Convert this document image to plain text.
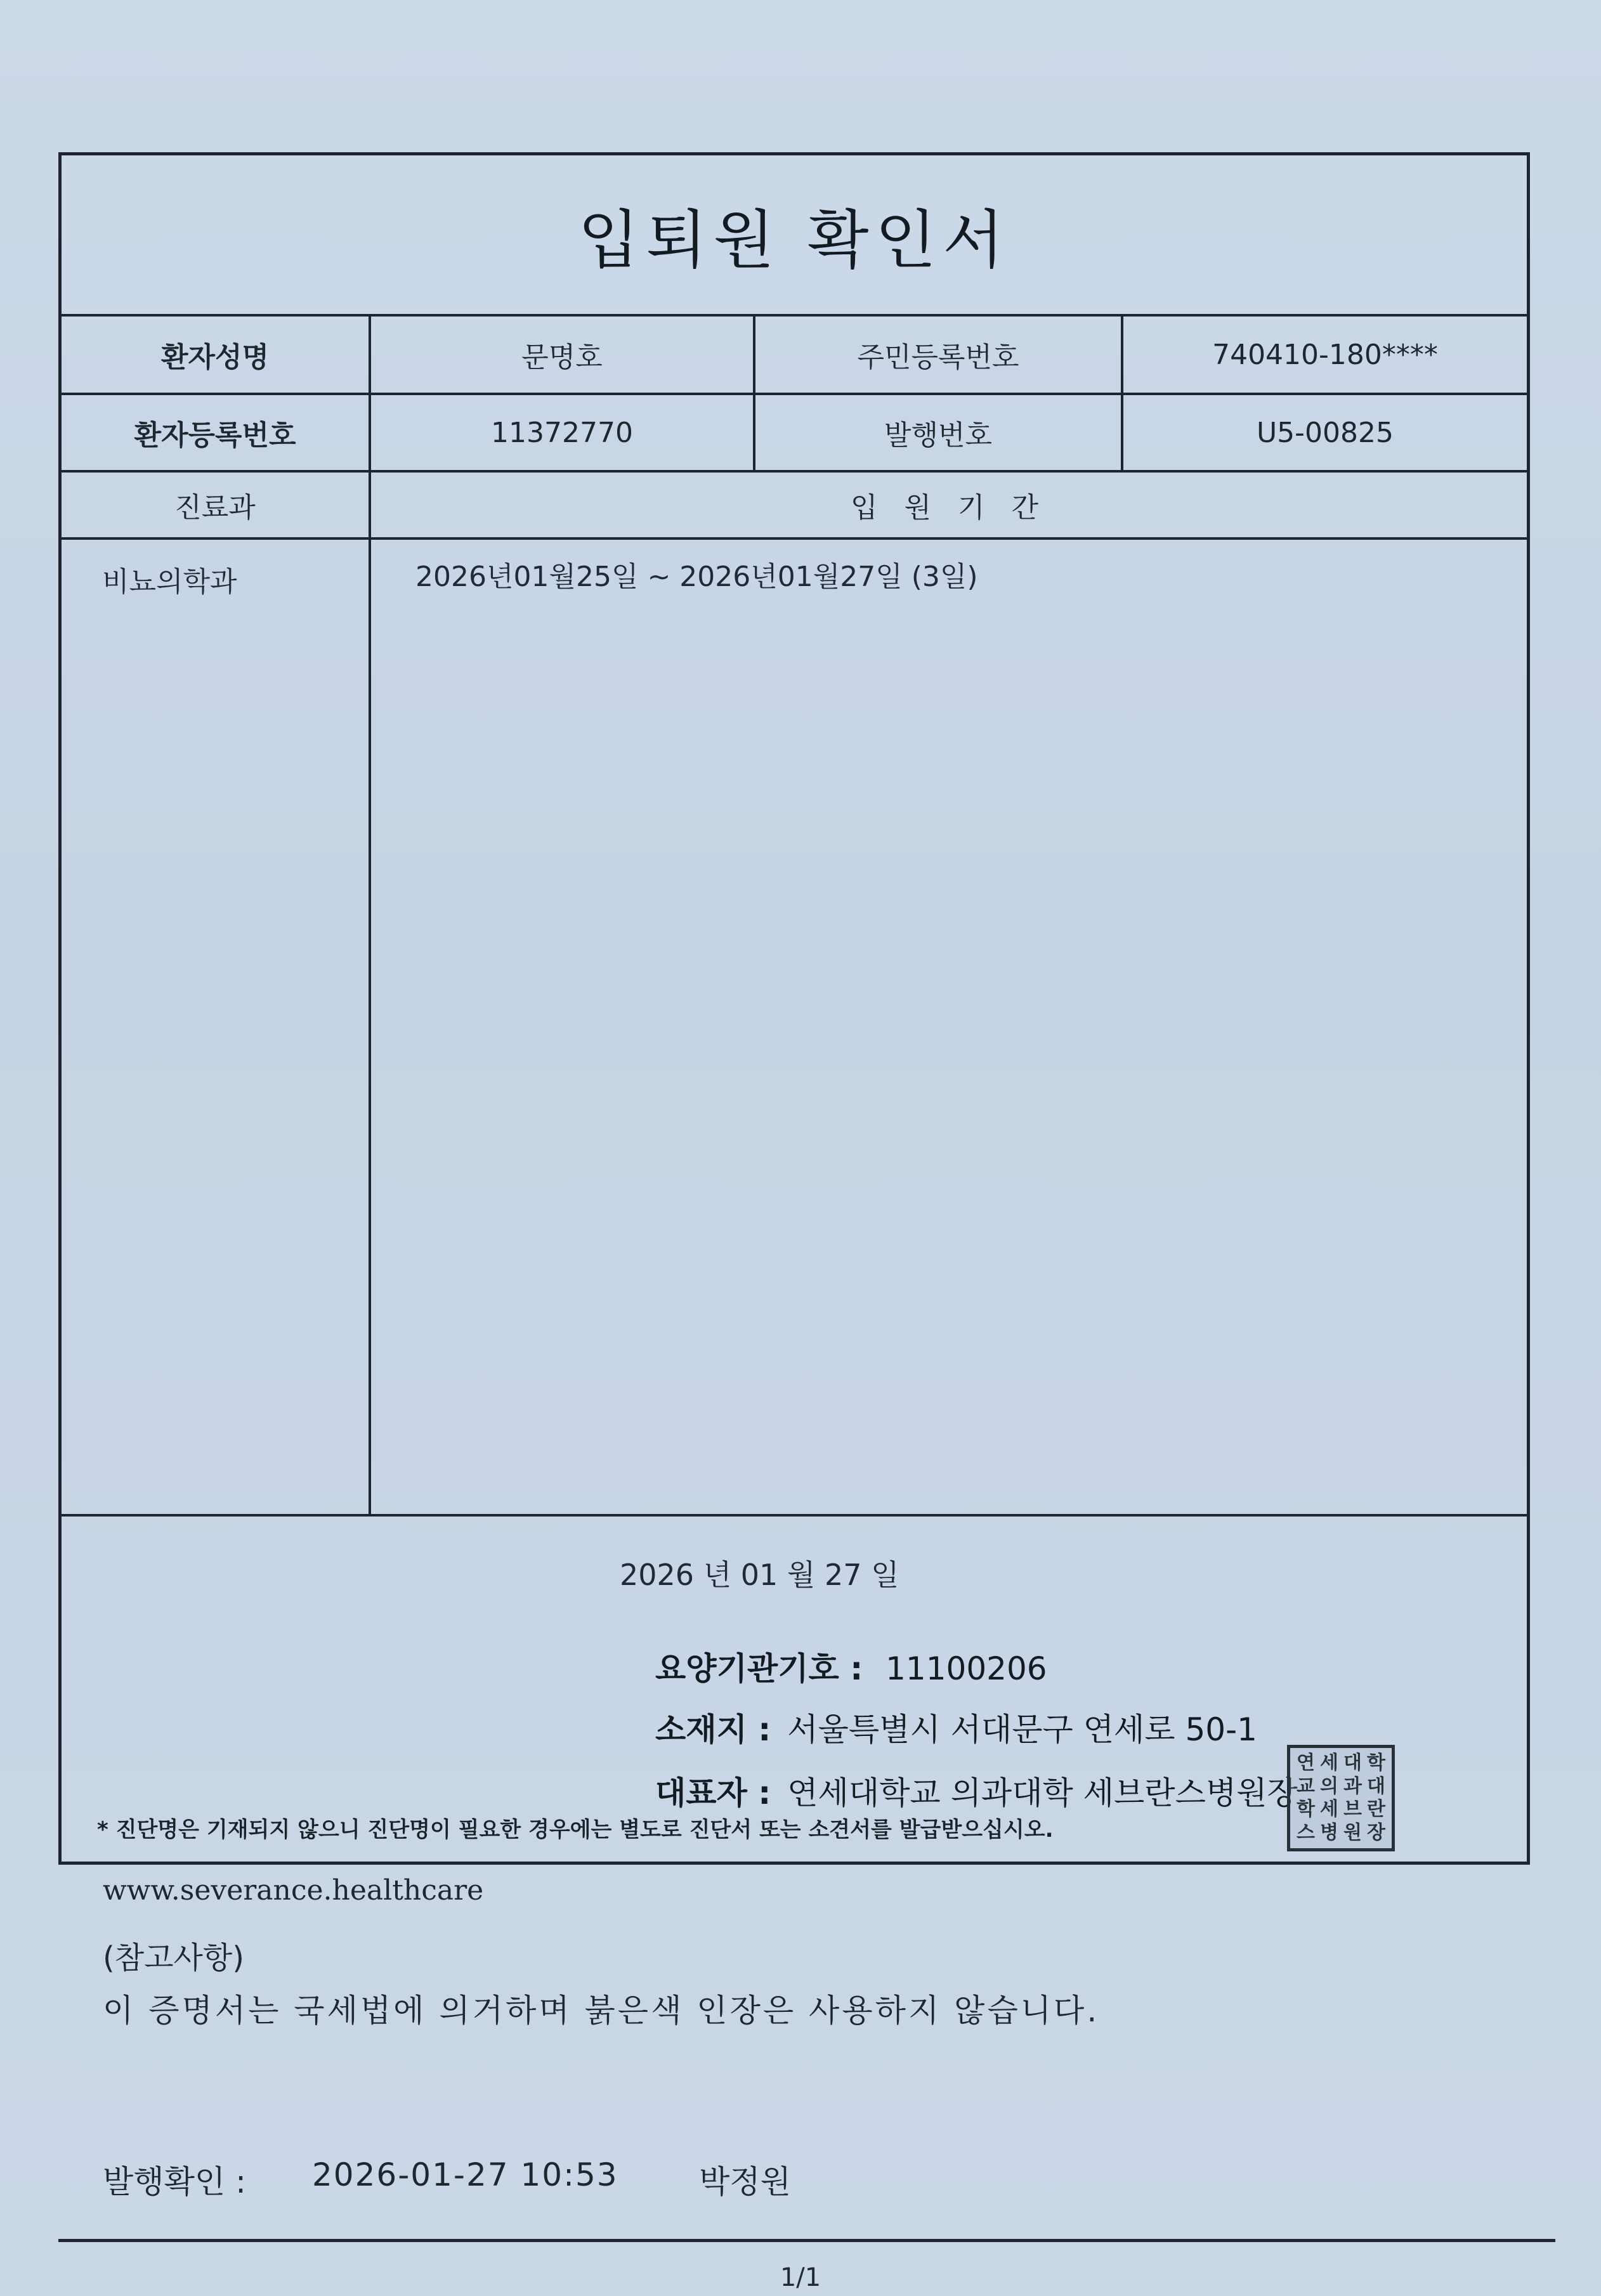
입퇴원 확인서
환자성명	문명호	주민등록번호	740410-180****
환자등록번호	11372770	발행번호	U5-00825
진료과	입 원 기 간
비뇨의학과	2026년01월25일 ~ 2026년01월27일 (3일)
2026 년 01 월 27 일
요양기관기호 : 11100206
소재지 : 서울특별시 서대문구 연세로 50-1
대표자 : 연세대학교 의과대학 세브란스병원장
연 세 대 학
교 의 과 대
학 세 브 란
스 병 원 장
* 진단명은 기재되지 않으니 진단명이 필요한 경우에는 별도로 진단서 또는 소견서를 발급받으십시오.
www.severance.healthcare
(참고사항)
이 증명서는 국세법에 의거하며 붉은색 인장은 사용하지 않습니다.
발행확인 :	2026-01-27 10:53	박정원
1/1
